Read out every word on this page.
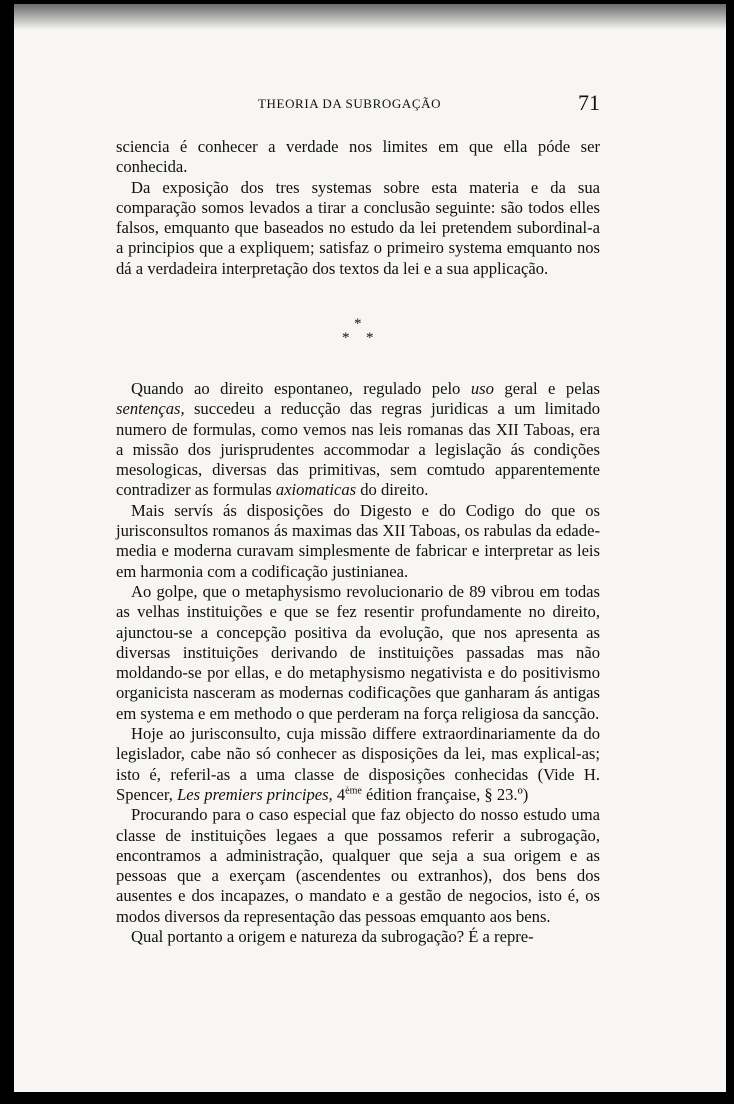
THEORIA DA SUBROGAÇÃO	71

sciencia é conhecer a verdade nos limites em que ella póde ser conhecida.

Da exposição dos tres systemas sobre esta materia e da sua comparação somos levados a tirar a conclusão seguinte: são todos elles falsos, emquanto que baseados no estudo da lei pretendem subordinal-a a principios que a expliquem; satisfaz o primeiro systema emquanto nos dá a verdadeira interpretação dos textos da lei e a sua applicação.

*
* *

Quando ao direito espontaneo, regulado pelo uso geral e pelas sentenças, succedeu a reducção das regras juridicas a um limitado numero de formulas, como vemos nas leis romanas das XII Taboas, era a missão dos jurisprudentes accommodar a legislação ás condições mesologicas, diversas das primitivas, sem comtudo apparentemente contradizer as formulas axiomaticas do direito.

Mais servís ás disposições do Digesto e do Codigo do que os jurisconsultos romanos ás maximas das XII Taboas, os rabulas da edade-media e moderna curavam simplesmente de fabricar e interpretar as leis em harmonia com a codificação justinianea.

Ao golpe, que o metaphysismo revolucionario de 89 vibrou em todas as velhas instituições e que se fez resentir profundamente no direito, ajunctou-se a concepção positiva da evolução, que nos apresenta as diversas instituições derivando de instituições passadas mas não moldando-se por ellas, e do metaphysismo negativista e do positivismo organicista nasceram as modernas codificações que ganharam ás antigas em systema e em methodo o que perderam na força religiosa da sancção.

Hoje ao jurisconsulto, cuja missão differe extraordinariamente da do legislador, cabe não só conhecer as disposições da lei, mas explical-as; isto é, referil-as a uma classe de disposições conhecidas (Vide H. Spencer, Les premiers principes, 4ème édition française, § 23.º)

Procurando para o caso especial que faz objecto do nosso estudo uma classe de instituições legaes a que possamos referir a subrogação, encontramos a administração, qualquer que seja a sua origem e as pessoas que a exerçam (ascendentes ou extranhos), dos bens dos ausentes e dos incapazes, o mandato e a gestão de negocios, isto é, os modos diversos da representação das pessoas emquanto aos bens.

Qual portanto a origem e natureza da subrogação? É a repre-
